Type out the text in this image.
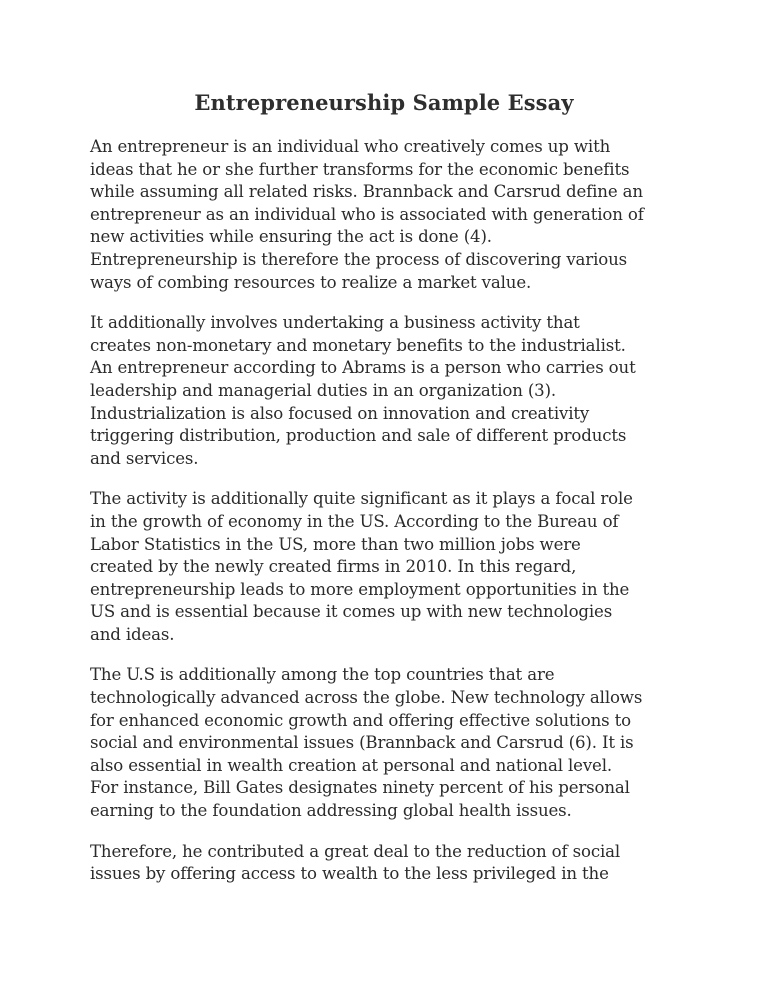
Entrepreneurship Sample Essay
An entrepreneur is an individual who creatively comes up with
ideas that he or she further transforms for the economic benefits
while assuming all related risks. Brannback and Carsrud define an
entrepreneur as an individual who is associated with generation of
new activities while ensuring the act is done (4).
Entrepreneurship is therefore the process of discovering various
ways of combing resources to realize a market value.
It additionally involves undertaking a business activity that
creates non-monetary and monetary benefits to the industrialist.
An entrepreneur according to Abrams is a person who carries out
leadership and managerial duties in an organization (3).
Industrialization is also focused on innovation and creativity
triggering distribution, production and sale of different products
and services.
The activity is additionally quite significant as it plays a focal role
in the growth of economy in the US. According to the Bureau of
Labor Statistics in the US, more than two million jobs were
created by the newly created firms in 2010. In this regard,
entrepreneurship leads to more employment opportunities in the
US and is essential because it comes up with new technologies
and ideas.
The U.S is additionally among the top countries that are
technologically advanced across the globe. New technology allows
for enhanced economic growth and offering effective solutions to
social and environmental issues (Brannback and Carsrud (6). It is
also essential in wealth creation at personal and national level.
For instance, Bill Gates designates ninety percent of his personal
earning to the foundation addressing global health issues.
Therefore, he contributed a great deal to the reduction of social
issues by offering access to wealth to the less privileged in the
